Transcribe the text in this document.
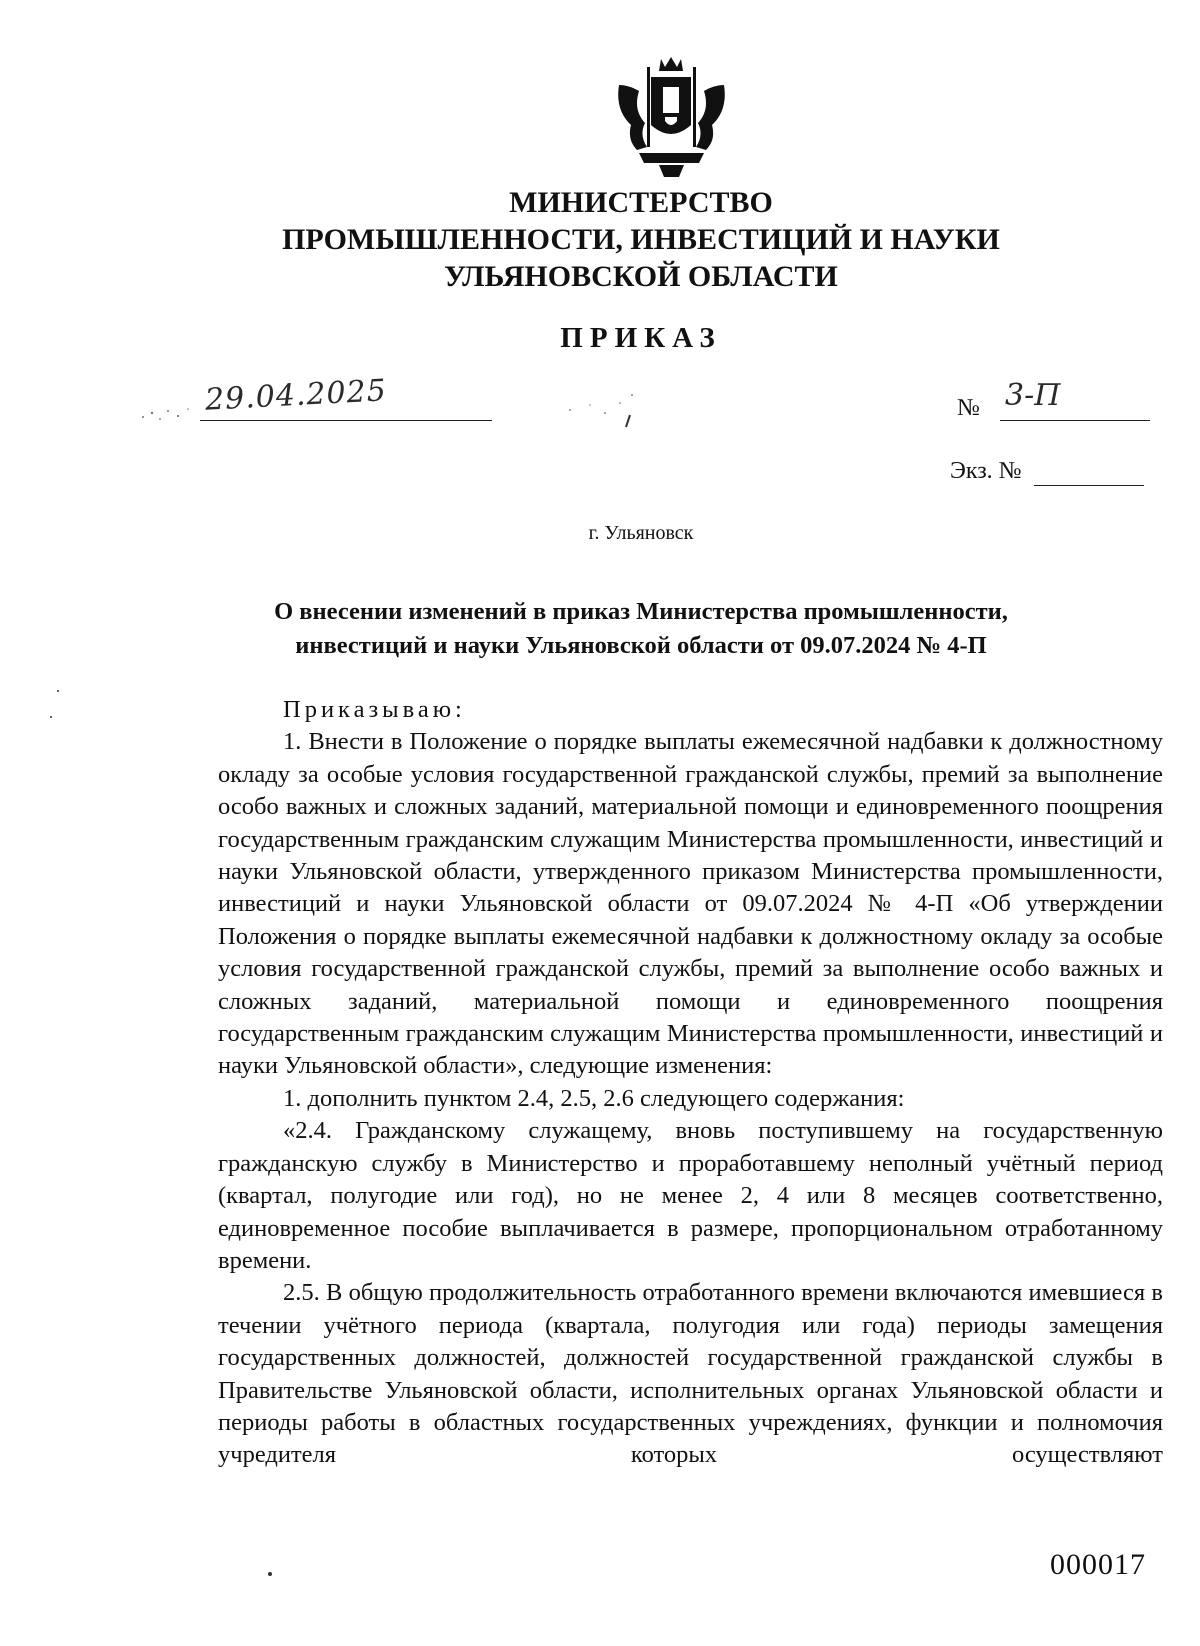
МИНИСТЕРСТВО
ПРОМЫШЛЕННОСТИ, ИНВЕСТИЦИЙ И НАУКИ
УЛЬЯНОВСКОЙ ОБЛАСТИ
ПРИКАЗ
29.04.2025	№ 3-П
Экз. №
г. Ульяновск
О внесении изменений в приказ Министерства промышленности,
инвестиций и науки Ульяновской области от 09.07.2024 № 4-П

Приказываю:

1. Внести в Положение о порядке выплаты ежемесячной надбавки к должностному окладу за особые условия государственной гражданской службы, премий за выполнение особо важных и сложных заданий, материальной помощи и единовременного поощрения государственным гражданским служащим Министерства промышленности, инвестиций и науки Ульяновской области, утвержденного приказом Министерства промышленности, инвестиций и науки Ульяновской области от 09.07.2024 № 4-П «Об утверждении Положения о порядке выплаты ежемесячной надбавки к должностному окладу за особые условия государственной гражданской службы, премий за выполнение особо важных и сложных заданий, материальной помощи и единовременного поощрения государственным гражданским служащим Министерства промышленности, инвестиций и науки Ульяновской области», следующие изменения:

1. дополнить пунктом 2.4, 2.5, 2.6 следующего содержания:

«2.4. Гражданскому служащему, вновь поступившему на государственную гражданскую службу в Министерство и проработавшему неполный учётный период (квартал, полугодие или год), но не менее 2, 4 или 8 месяцев соответственно, единовременное пособие выплачивается в размере, пропорциональном отработанному времени.

2.5. В общую продолжительность отработанного времени включаются имевшиеся в течении учётного периода (квартала, полугодия или года) периоды замещения государственных должностей, должностей государственной гражданской службы в Правительстве Ульяновской области, исполнительных органах Ульяновской области и периоды работы в областных государственных учреждениях, функции и полномочия учредителя которых осуществляют

000017
